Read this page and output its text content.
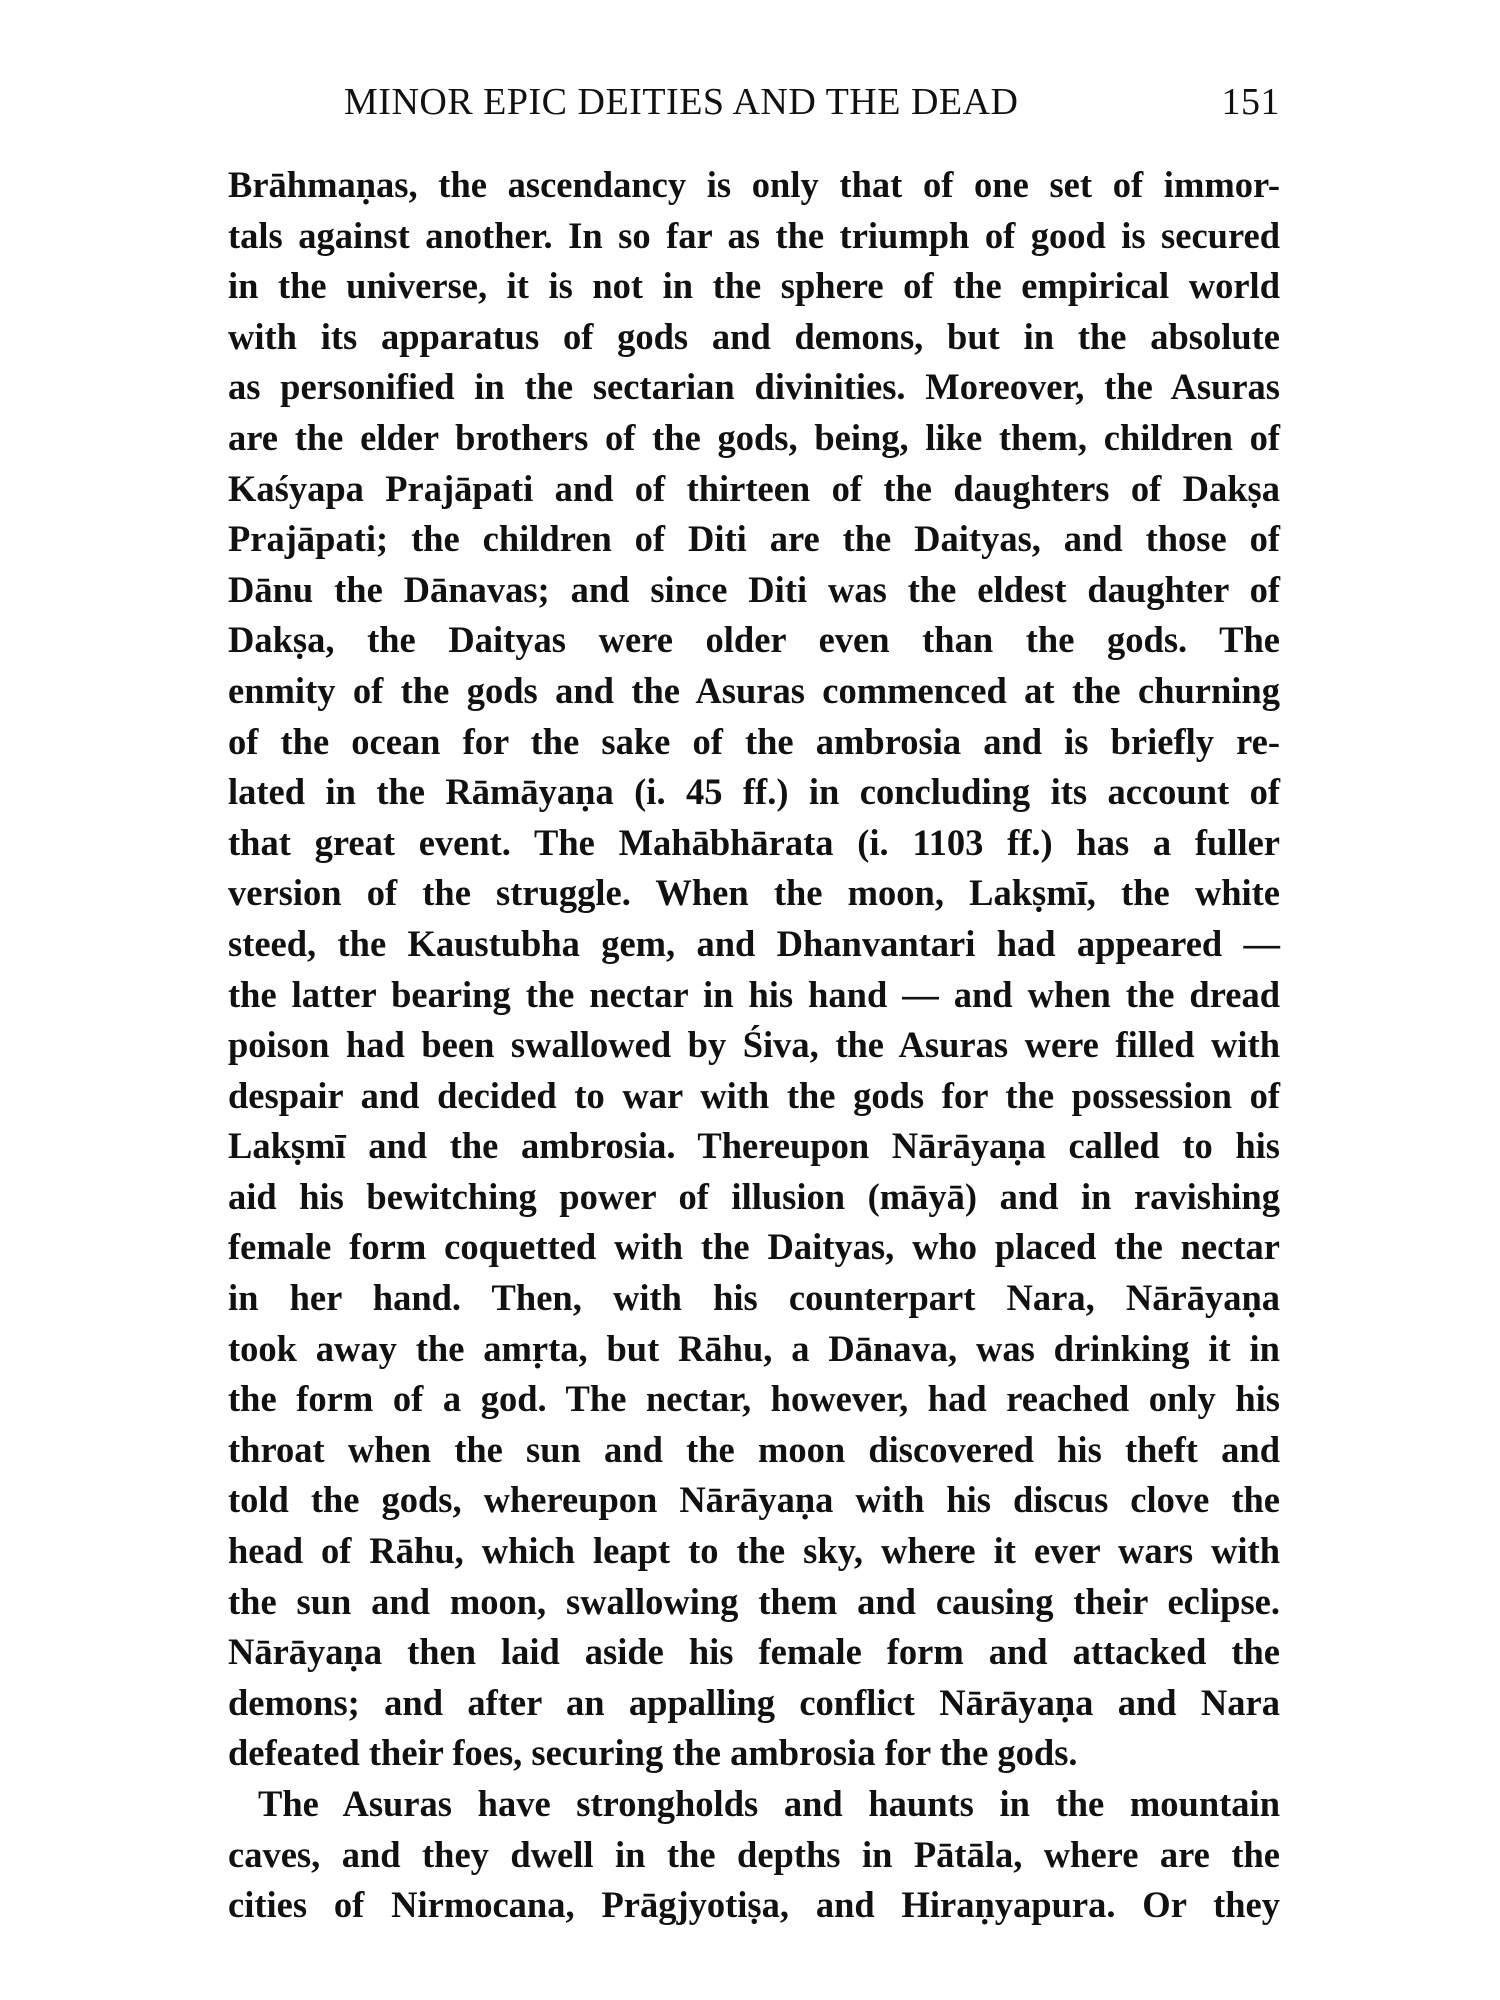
MINOR EPIC DEITIES AND THE DEAD	151
Brāhmaṇas, the ascendancy is only that of one set of immor-
tals against another. In so far as the triumph of good is secured
in the universe, it is not in the sphere of the empirical world
with its apparatus of gods and demons, but in the absolute
as personified in the sectarian divinities. Moreover, the Asuras
are the elder brothers of the gods, being, like them, children of
Kaśyapa Prajāpati and of thirteen of the daughters of Dakṣa
Prajāpati; the children of Diti are the Daityas, and those of
Dānu the Dānavas; and since Diti was the eldest daughter of
Dakṣa, the Daityas were older even than the gods. The
enmity of the gods and the Asuras commenced at the churning
of the ocean for the sake of the ambrosia and is briefly re-
lated in the Rāmāyaṇa (i. 45 ff.) in concluding its account of
that great event. The Mahābhārata (i. 1103 ff.) has a fuller
version of the struggle. When the moon, Lakṣmī, the white
steed, the Kaustubha gem, and Dhanvantari had appeared —
the latter bearing the nectar in his hand — and when the dread
poison had been swallowed by Śiva, the Asuras were filled with
despair and decided to war with the gods for the possession of
Lakṣmī and the ambrosia. Thereupon Nārāyaṇa called to his
aid his bewitching power of illusion (māyā) and in ravishing
female form coquetted with the Daityas, who placed the nectar
in her hand. Then, with his counterpart Nara, Nārāyaṇa
took away the amṛta, but Rāhu, a Dānava, was drinking it in
the form of a god. The nectar, however, had reached only his
throat when the sun and the moon discovered his theft and
told the gods, whereupon Nārāyaṇa with his discus clove the
head of Rāhu, which leapt to the sky, where it ever wars with
the sun and moon, swallowing them and causing their eclipse.
Nārāyaṇa then laid aside his female form and attacked the
demons; and after an appalling conflict Nārāyaṇa and Nara
defeated their foes, securing the ambrosia for the gods.
The Asuras have strongholds and haunts in the mountain
caves, and they dwell in the depths in Pātāla, where are the
cities of Nirmocana, Prāgjyotiṣa, and Hiraṇyapura. Or they
